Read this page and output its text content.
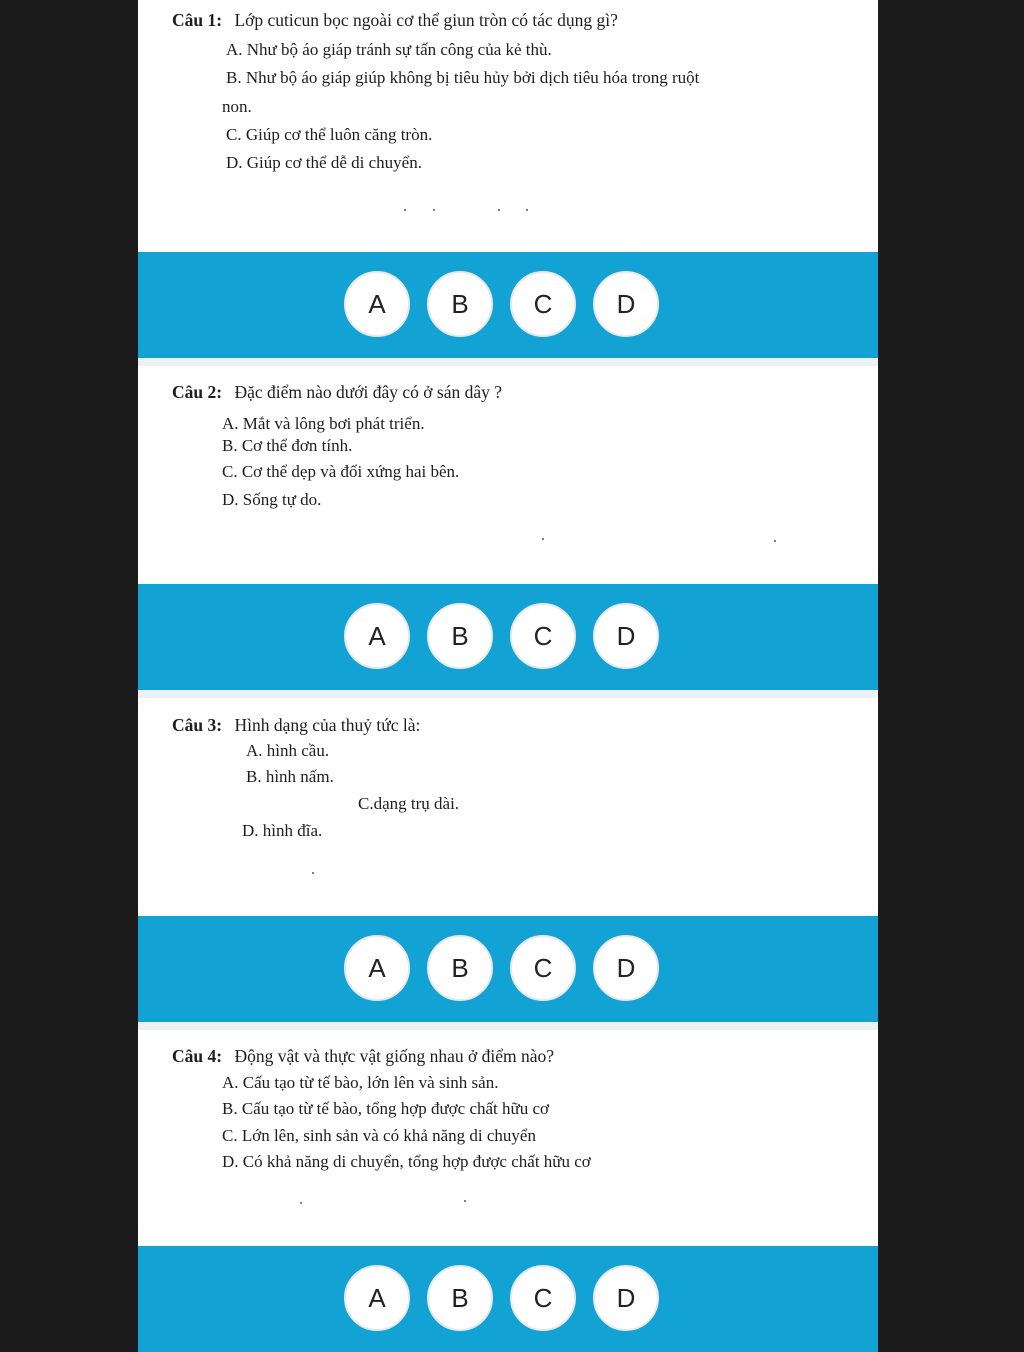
Câu 1: Lớp cuticun bọc ngoài cơ thể giun tròn có tác dụng gì?
A. Như bộ áo giáp tránh sự tấn công của kẻ thù.
B. Như bộ áo giáp giúp không bị tiêu hủy bởi dịch tiêu hóa trong ruột
non.
C. Giúp cơ thể luôn căng tròn.
D. Giúp cơ thể dễ di chuyển.
A	B	C	D
Câu 2: Đặc điểm nào dưới đây có ở sán dây ?
A. Mắt và lông bơi phát triển.
B. Cơ thể đơn tính.
C. Cơ thể dẹp và đối xứng hai bên.
D. Sống tự do.
A	B	C	D
Câu 3: Hình dạng của thuỷ tức là:
A. hình cầu.
B. hình nấm.
C.dạng trụ dài.
D. hình đĩa.
A	B	C	D
Câu 4: Động vật và thực vật giống nhau ở điểm nào?
A. Cấu tạo từ tế bào, lớn lên và sinh sản.
B. Cấu tạo từ tế bào, tổng hợp được chất hữu cơ
C. Lớn lên, sinh sản và có khả năng di chuyển
D. Có khả năng di chuyển, tổng hợp được chất hữu cơ
A	B	C	D
